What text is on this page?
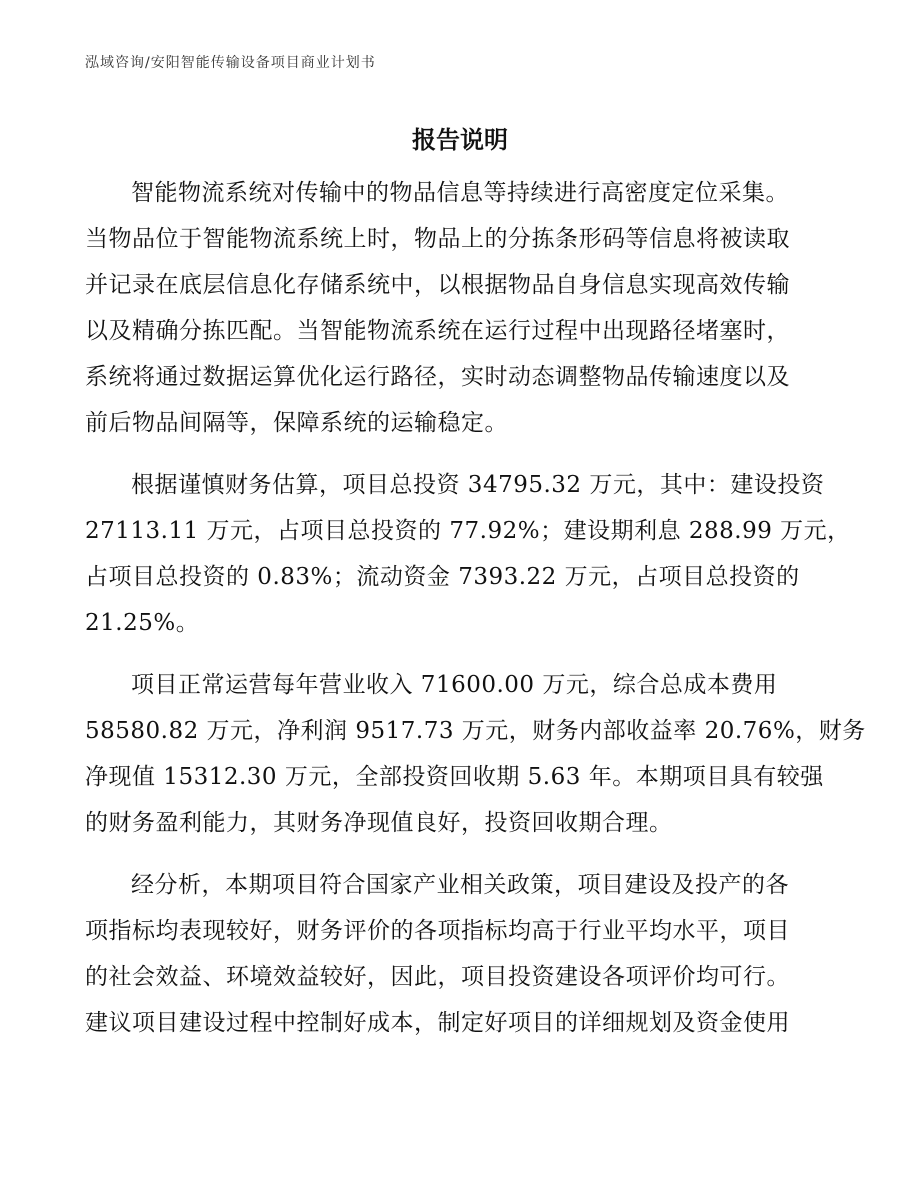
泓域咨询/安阳智能传输设备项目商业计划书
报告说明
智能物流系统对传输中的物品信息等持续进行高密度定位采集。
当物品位于智能物流系统上时，物品上的分拣条形码等信息将被读取
并记录在底层信息化存储系统中，以根据物品自身信息实现高效传输
以及精确分拣匹配。当智能物流系统在运行过程中出现路径堵塞时，
系统将通过数据运算优化运行路径，实时动态调整物品传输速度以及
前后物品间隔等，保障系统的运输稳定。
根据谨慎财务估算，项目总投资 34795.32 万元，其中：建设投资
27113.11 万元，占项目总投资的 77.92%；建设期利息 288.99 万元，
占项目总投资的 0.83%；流动资金 7393.22 万元，占项目总投资的
21.25%。
项目正常运营每年营业收入 71600.00 万元，综合总成本费用
58580.82 万元，净利润 9517.73 万元，财务内部收益率 20.76%，财务
净现值 15312.30 万元，全部投资回收期 5.63 年。本期项目具有较强
的财务盈利能力，其财务净现值良好，投资回收期合理。
经分析，本期项目符合国家产业相关政策，项目建设及投产的各
项指标均表现较好，财务评价的各项指标均高于行业平均水平，项目
的社会效益、环境效益较好，因此，项目投资建设各项评价均可行。
建议项目建设过程中控制好成本，制定好项目的详细规划及资金使用
